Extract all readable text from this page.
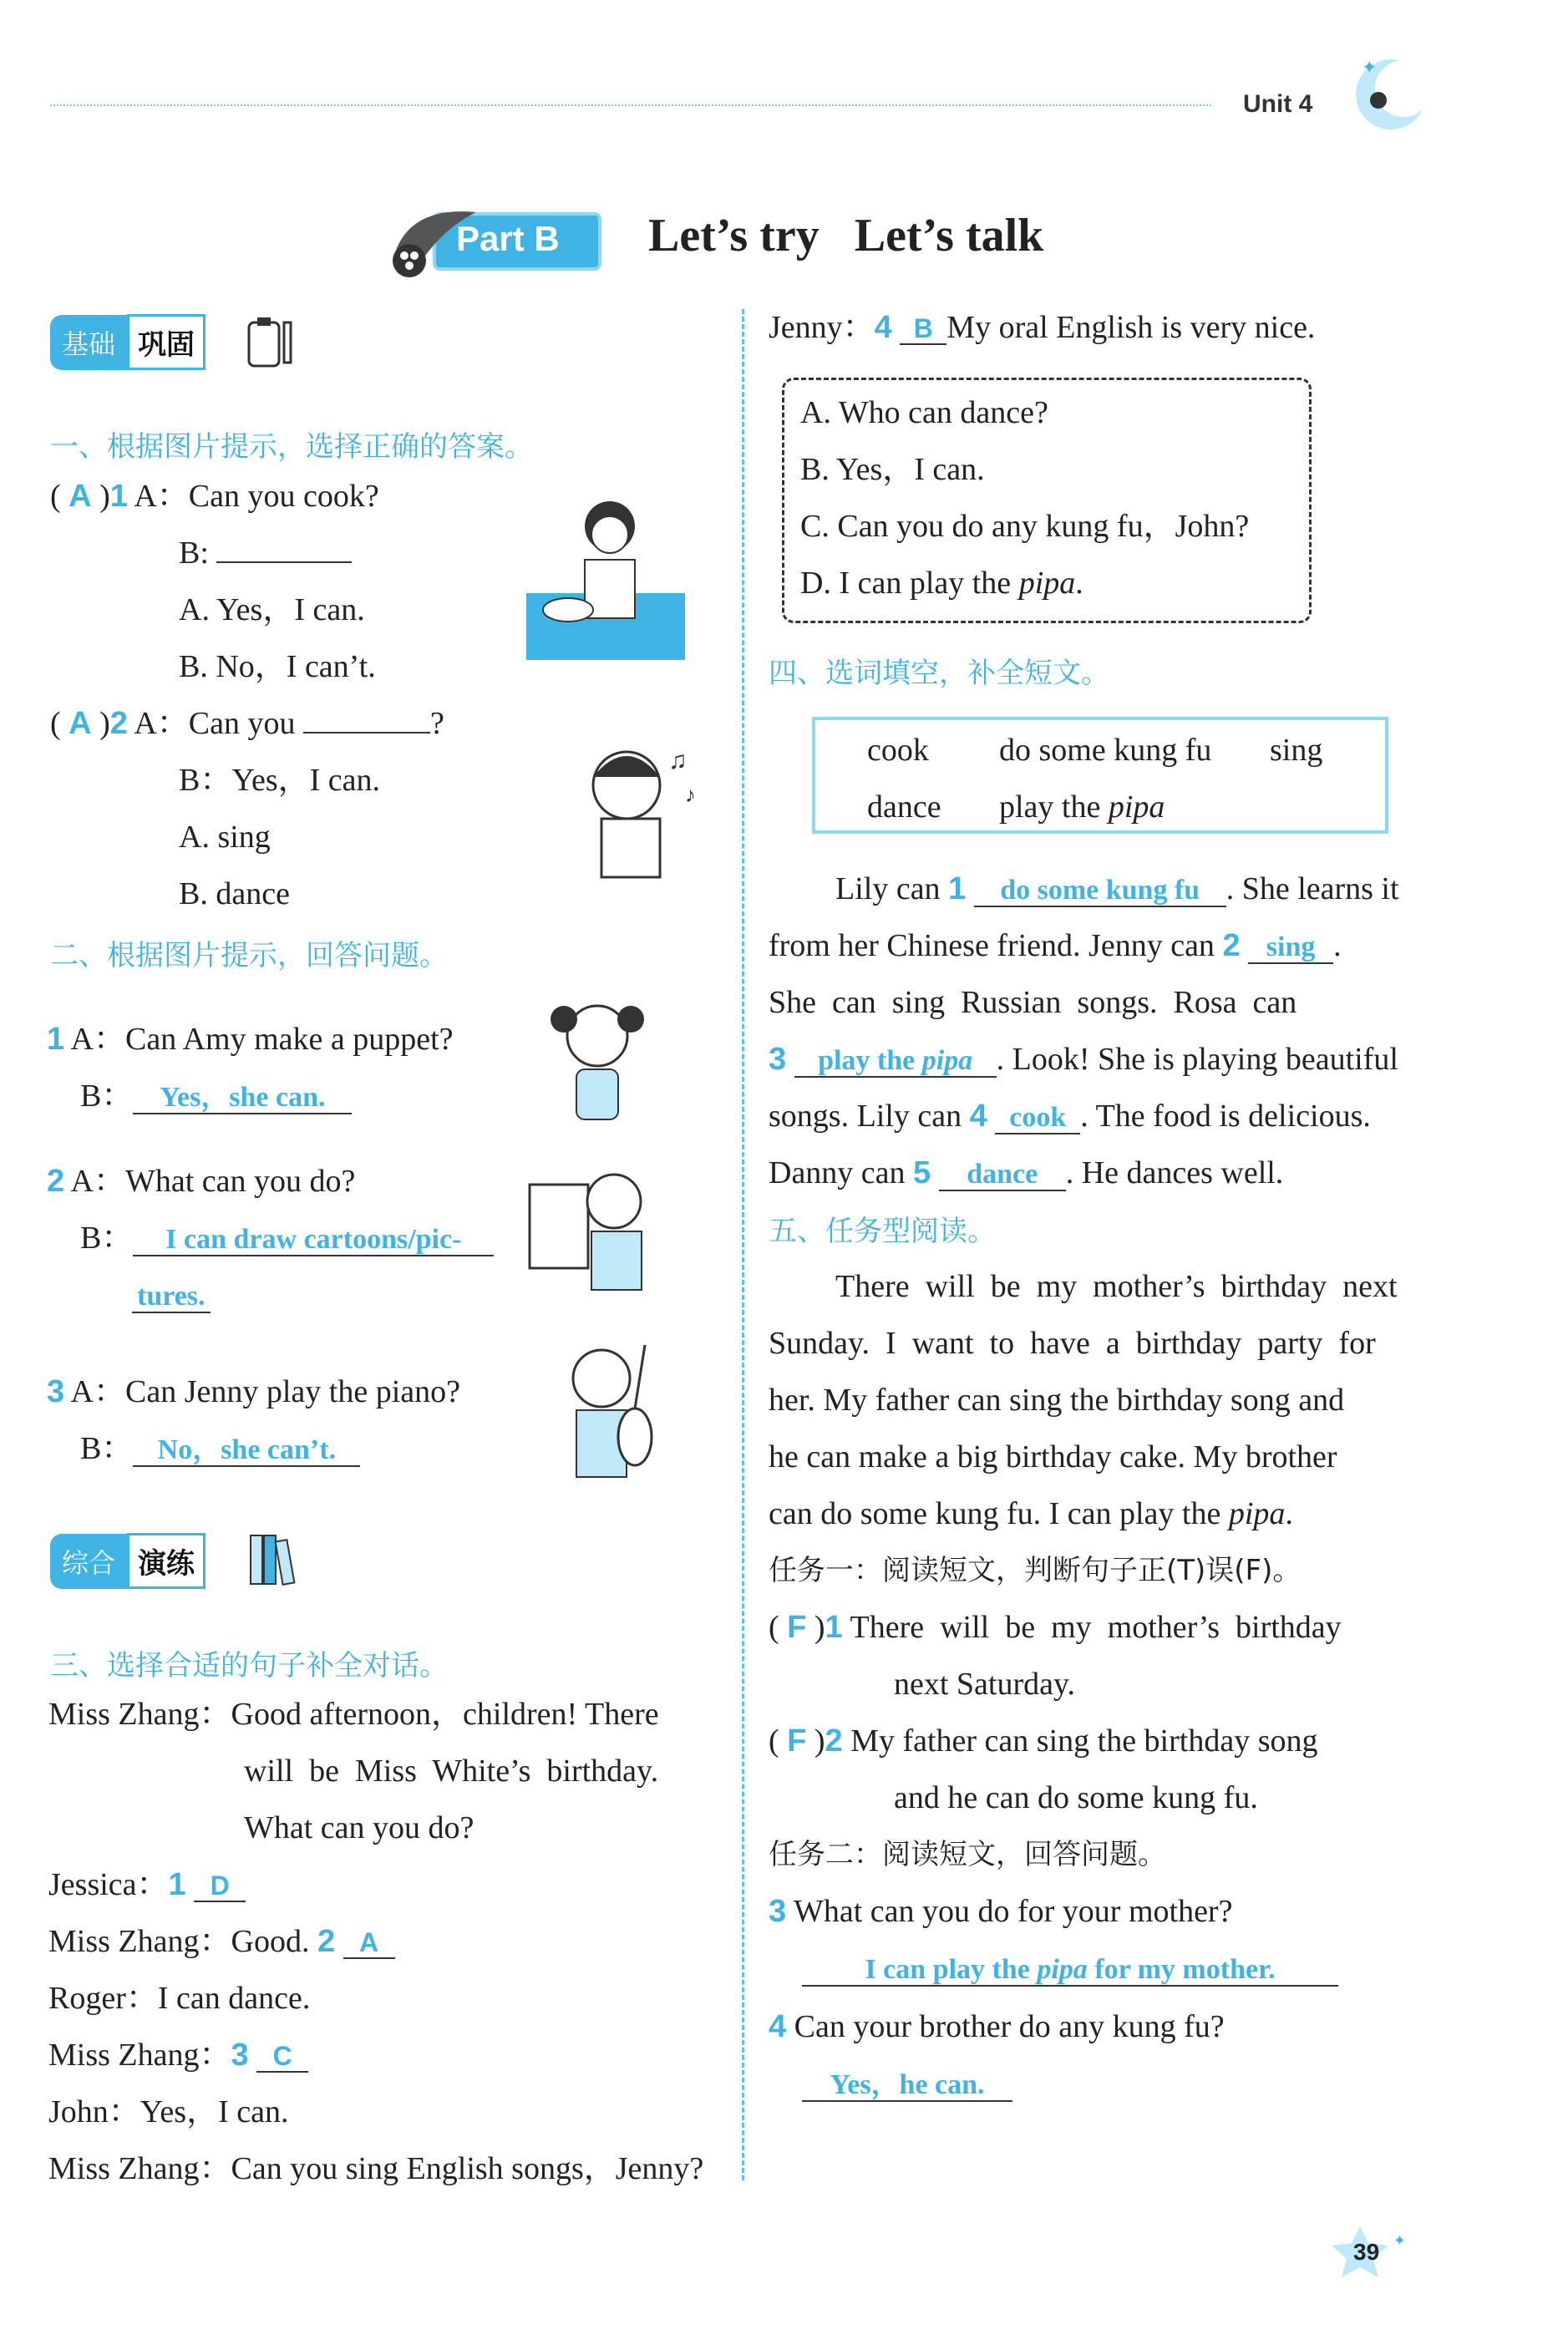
Unit 4
✦
Part B Let’s try   Let’s talk
基础 巩固
一、根据图片提示，选择正确的答案。
( A )1 A：Can you cook?
B:
A. Yes，I can.
B. No，I can’t.
( A )2 A：Can you	?
B：Yes，I can.
A. sing
B. dance
♫
♪
二、根据图片提示，回答问题。
1 A：Can Amy make a puppet?
B： Yes，she can.
2 A：What can you do?
B： I can draw cartoons/pic-
tures.
3 A：Can Jenny play the piano?
B： No，she can’t.
综合 演练
三、选择合适的句子补全对话。
Miss Zhang：Good afternoon，children! There
will  be  Miss  White’s  birthday.
What can you do?
Jessica：1 D
Miss Zhang：Good. 2 A
Roger：I can dance.
Miss Zhang：3 C
John：Yes，I can.
Miss Zhang：Can you sing English songs，Jenny?
Jenny：4 B My oral English is very nice.
A. Who can dance?
B. Yes，I can.
C. Can you do any kung fu，John?
D. I can play the pipa.
四、选词填空，补全短文。
cook do some kung fu sing
dance play the pipa
Lily can 1 do some kung fu . She learns it
from her Chinese friend. Jenny can 2 sing .
She  can  sing  Russian  songs.  Rosa  can
3 play the pipa . Look! She is playing beautiful
songs. Lily can 4 cook . The food is delicious.
Danny can 5 dance . He dances well.
五、任务型阅读。
There  will  be  my  mother’s  birthday  next
Sunday.  I  want  to  have  a  birthday  party  for
her. My father can sing the birthday song and
he can make a big birthday cake. My brother
can do some kung fu. I can play the pipa.
任务一：阅读短文，判断句子正(T)误(F)。
( F )1 There  will  be  my  mother’s  birthday
next Saturday.
( F )2 My father can sing the birthday song
and he can do some kung fu.
任务二：阅读短文，回答问题。
3 What can you do for your mother?
I can play the pipa for my mother.
4 Can your brother do any kung fu?
Yes，he can.
✦
39
